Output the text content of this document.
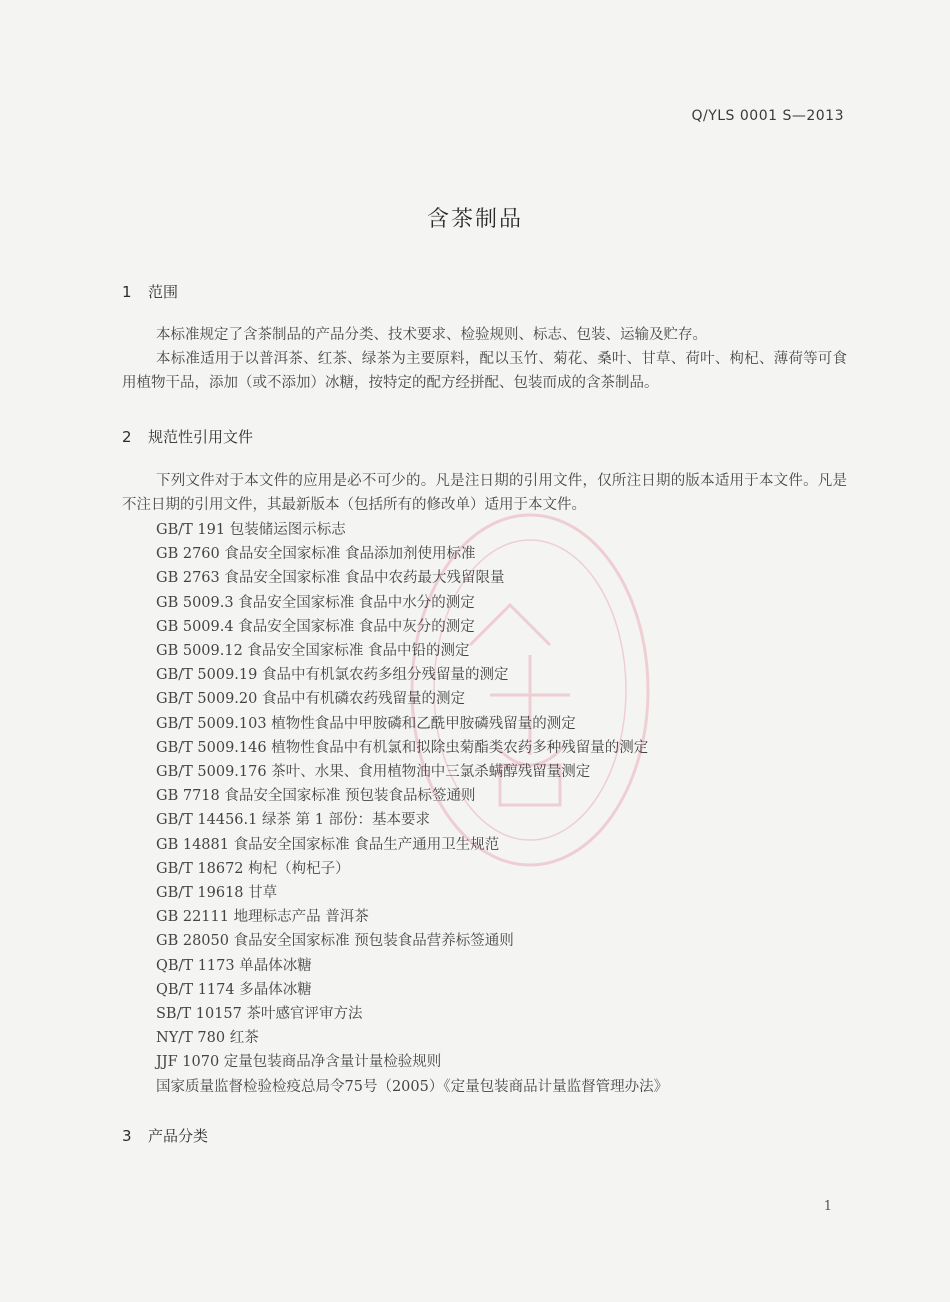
Q/YLS 0001 S—2013
含茶制品
1 范围

本标准规定了含茶制品的产品分类、技术要求、检验规则、标志、包装、运输及贮存。

本标准适用于以普洱茶、红茶、绿茶为主要原料，配以玉竹、菊花、桑叶、甘草、荷叶、枸杞、薄荷等可食用植物干品，添加（或不添加）冰糖，按特定的配方经拼配、包装而成的含茶制品。

2 规范性引用文件

下列文件对于本文件的应用是必不可少的。凡是注日期的引用文件，仅所注日期的版本适用于本文件。凡是不注日期的引用文件，其最新版本（包括所有的修改单）适用于本文件。

GB/T 191 包装储运图示标志
GB 2760 食品安全国家标准 食品添加剂使用标准
GB 2763 食品安全国家标准 食品中农药最大残留限量
GB 5009.3 食品安全国家标准 食品中水分的测定
GB 5009.4 食品安全国家标准 食品中灰分的测定
GB 5009.12 食品安全国家标准 食品中铅的测定
GB/T 5009.19 食品中有机氯农药多组分残留量的测定
GB/T 5009.20 食品中有机磷农药残留量的测定
GB/T 5009.103 植物性食品中甲胺磷和乙酰甲胺磷残留量的测定
GB/T 5009.146 植物性食品中有机氯和拟除虫菊酯类农药多种残留量的测定
GB/T 5009.176 茶叶、水果、食用植物油中三氯杀螨醇残留量测定
GB 7718 食品安全国家标准 预包装食品标签通则
GB/T 14456.1 绿茶 第 1 部份：基本要求
GB 14881 食品安全国家标准 食品生产通用卫生规范
GB/T 18672 枸杞（枸杞子）
GB/T 19618 甘草
GB 22111 地理标志产品 普洱茶
GB 28050 食品安全国家标准 预包装食品营养标签通则
QB/T 1173 单晶体冰糖
QB/T 1174 多晶体冰糖
SB/T 10157 茶叶感官评审方法
NY/T 780 红茶
JJF 1070 定量包装商品净含量计量检验规则
国家质量监督检验检疫总局令75号（2005）《定量包装商品计量监督管理办法》
3 产品分类
1
